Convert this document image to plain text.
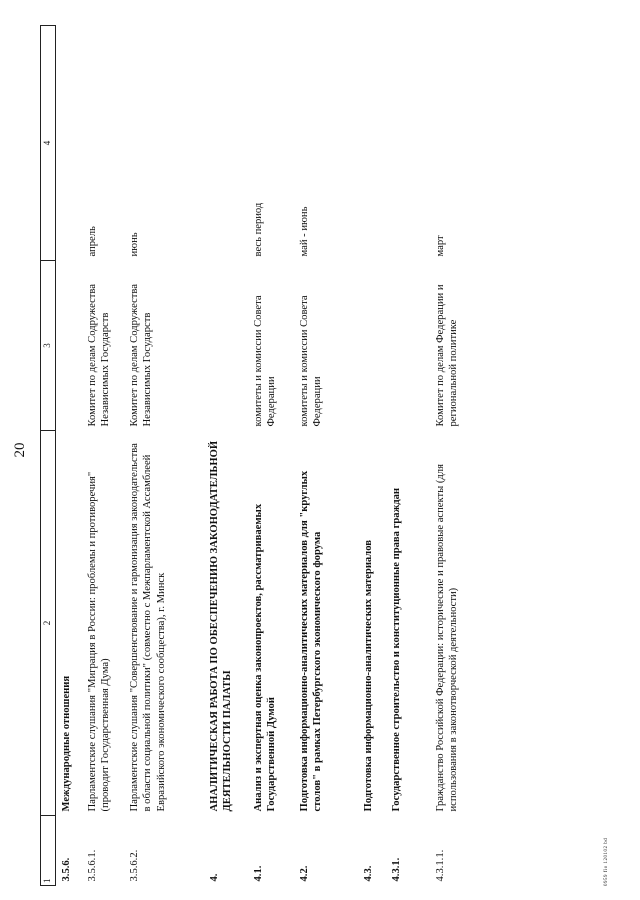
20
1	2	3	4
3.5.6.	Международные отношения		
3.5.6.1.	Парламентские слушания "Миграция в России: проблемы и противоречия" (проводит Государственная Дума)	Комитет по делам Содружества Независимых Государств	апрель
3.5.6.2.	Парламентские слушания "Совершенствование и гармонизация законодательства в области социальной политики" (совместно с Межпарламентской Ассамблеей Евразийского экономического сообщества), г. Минск	Комитет по делам Содружества Независимых Государств	июнь
4.	АНАЛИТИЧЕСКАЯ РАБОТА ПО ОБЕСПЕЧЕНИЮ ЗАКОНОДАТЕЛЬНОЙ ДЕЯТЕЛЬНОСТИ ПАЛАТЫ		
4.1.	Анализ и экспертная оценка законопроектов, рассматриваемых Государственной Думой	комитеты и комиссии Совета Федерации	весь период
4.2.	Подготовка информационно-аналитических материалов для "круглых столов" в рамках Петербургского экономического форума	комитеты и комиссии Совета Федерации	май - июнь
4.3.	Подготовка информационно-аналитических материалов		
4.3.1.	Государственное строительство и конституционные права граждан		
4.3.1.1.	Гражданство Российской Федерации: исторические и правовые аспекты (для использования в законотворческой деятельности)	Комитет по делам Федерации и региональной политике	март
0959 fio 120102 bd
